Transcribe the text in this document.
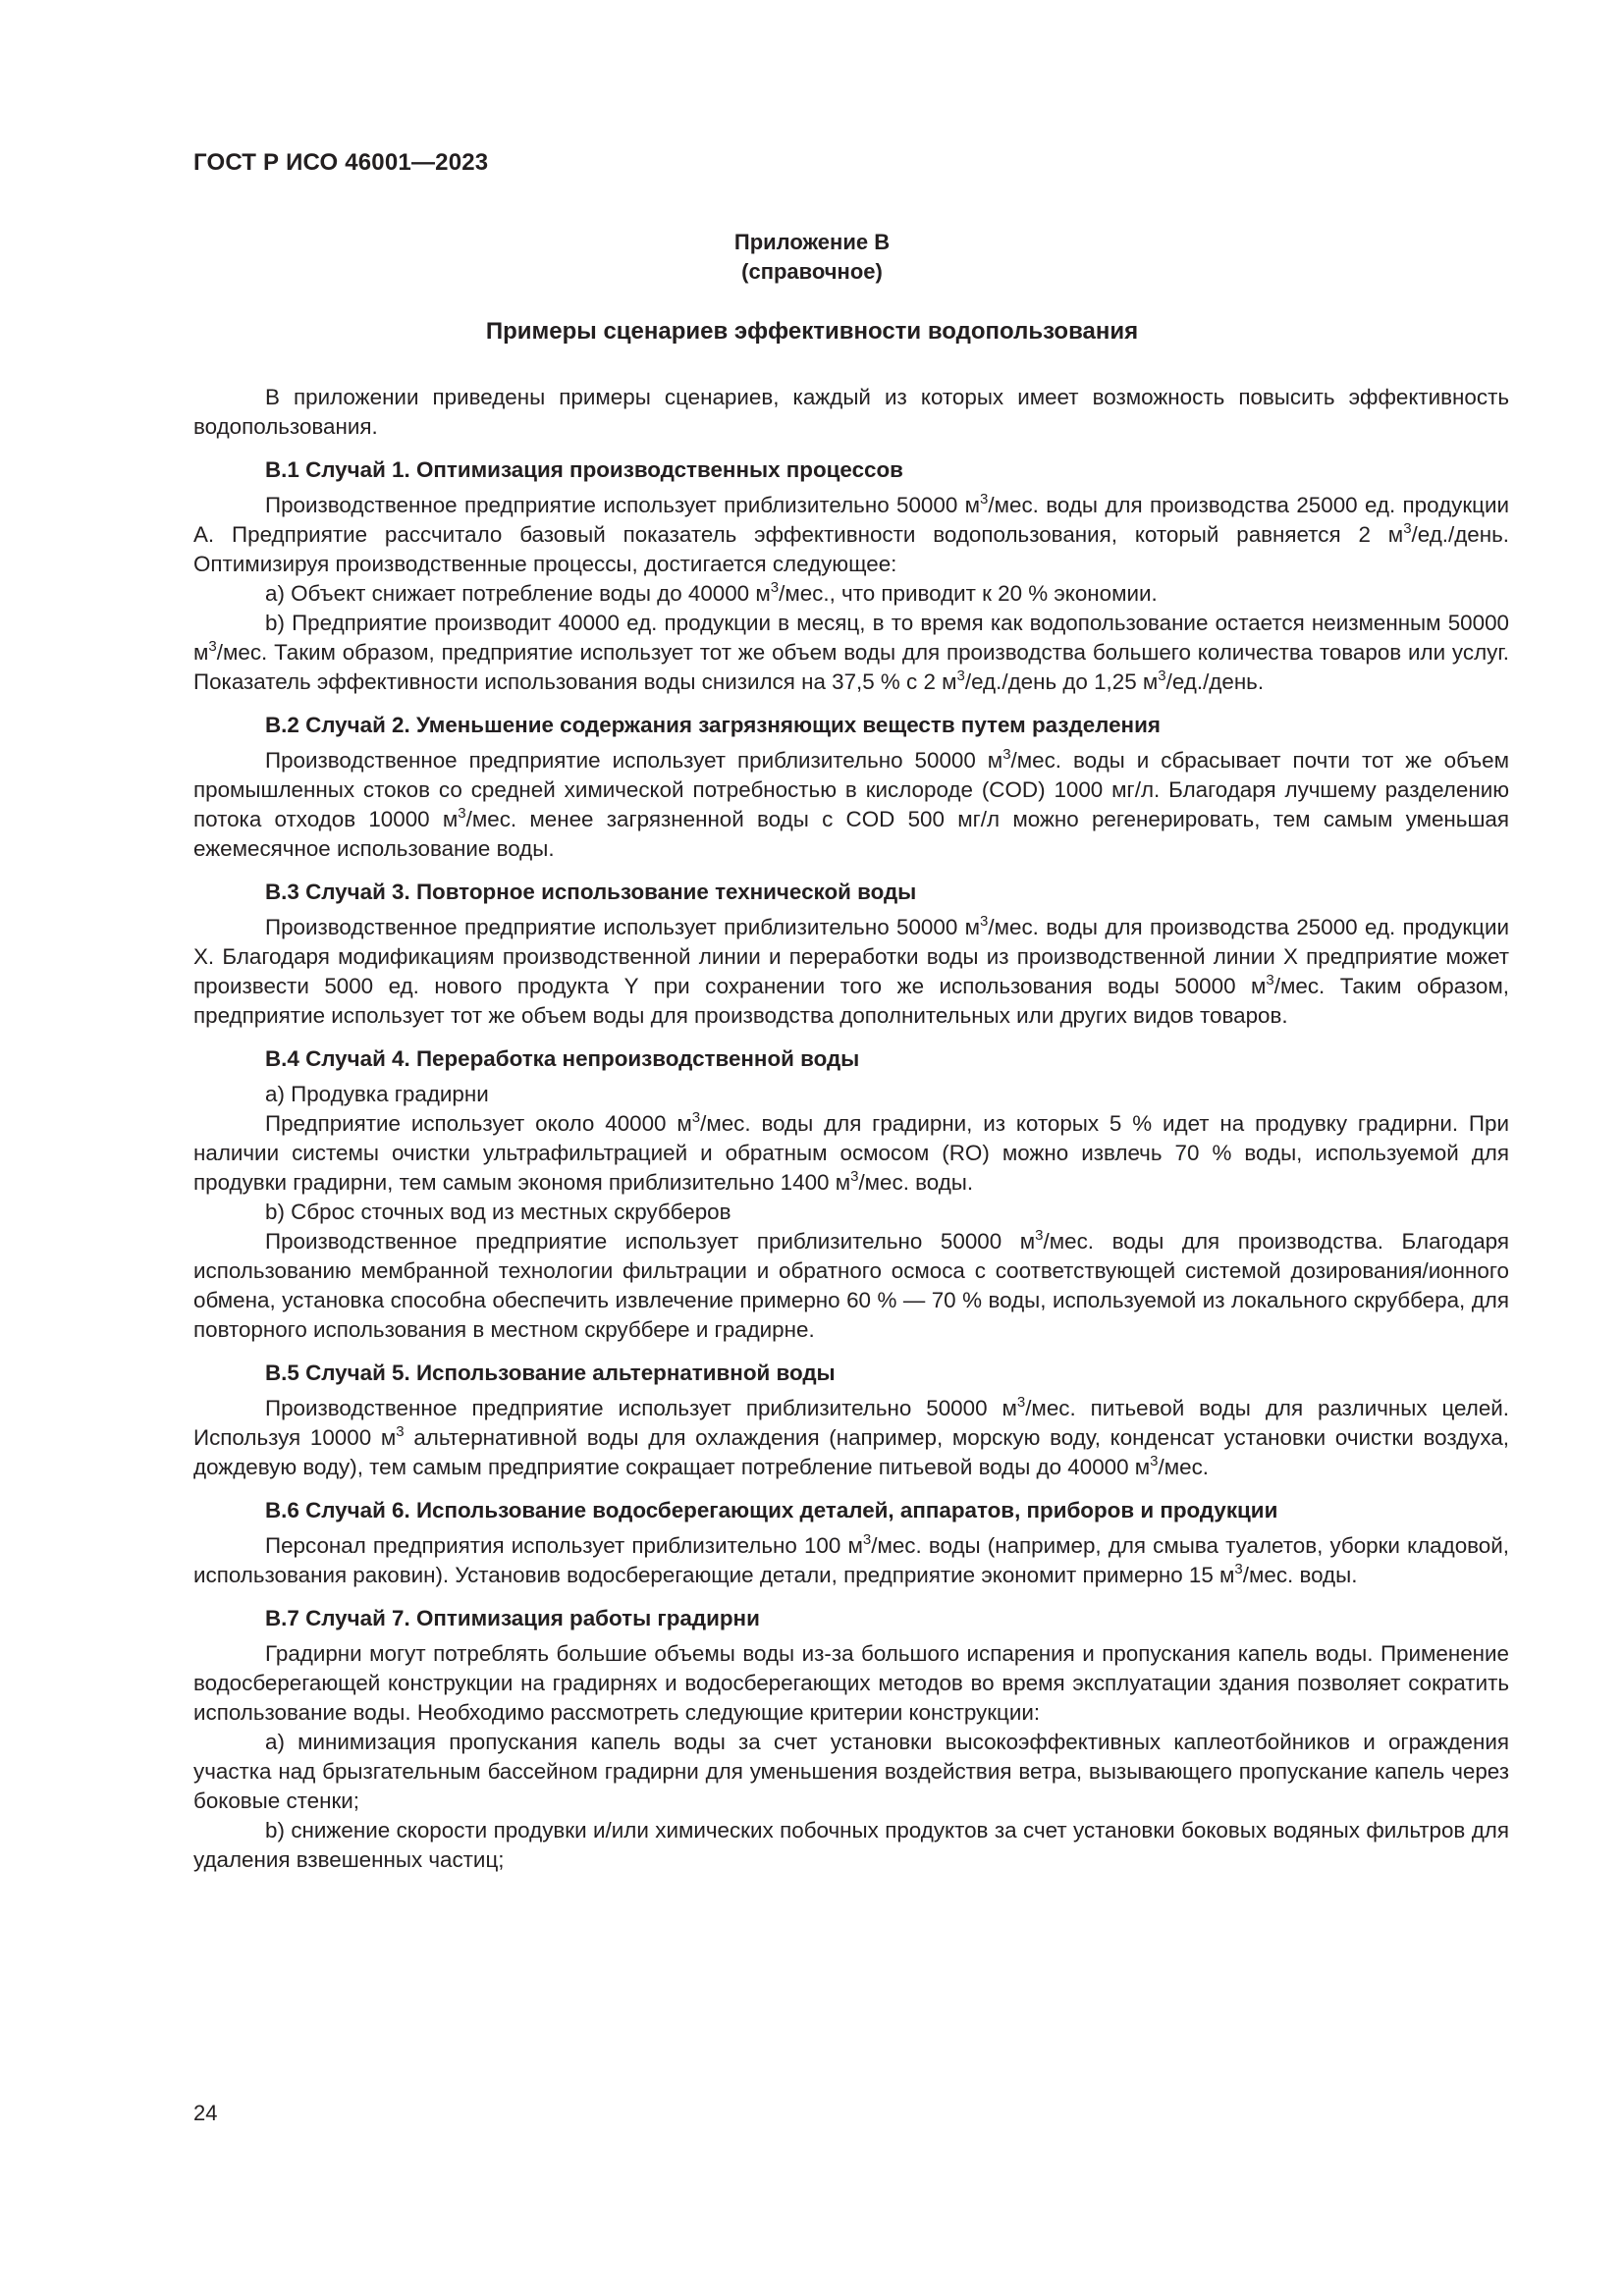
ГОСТ Р ИСО 46001—2023
Приложение В
(справочное)
Примеры сценариев эффективности водопользования

В приложении приведены примеры сценариев, каждый из которых имеет возможность повысить эффективность водопользования.

В.1 Случай 1. Оптимизация производственных процессов

Производственное предприятие использует приблизительно 50000 $м^3$/мес. воды для производства 25000 ед. продукции А. Предприятие рассчитало базовый показатель эффективности водопользования, который равняется 2 $м^3/ед$./день. Оптимизируя производственные процессы, достигается следующее:

а) Объект снижает потребление воды до 40000 $м^3$/мес., что приводит к 20 % экономии.

b) Предприятие производит 40000 ед. продукции в месяц, в то время как водопользование остается неизменным 50000 $м^3$/мес. Таким образом, предприятие использует тот же объем воды для производства большего количества товаров или услуг. Показатель эффективности использования воды снизился на 37,5 % с 2 $м^3/ед$./день до 1,25 $м^3/ед$./день.

В.2 Случай 2. Уменьшение содержания загрязняющих веществ путем разделения

Производственное предприятие использует приблизительно 50000 $м^3$/мес. воды и сбрасывает почти тот же объем промышленных стоков со средней химической потребностью в кислороде (COD) 1000 мг/л. Благодаря лучшему разделению потока отходов 10000 $м^3$/мес. менее загрязненной воды с COD 500 мг/л можно регенерировать, тем самым уменьшая ежемесячное использование воды.

В.3 Случай 3. Повторное использование технической воды

Производственное предприятие использует приблизительно 50000 $м^3$/мес. воды для производства 25000 ед. продукции X. Благодаря модификациям производственной линии и переработки воды из производственной линии X предприятие может произвести 5000 ед. нового продукта Y при сохранении того же использования воды 50000 $м^3$/мес. Таким образом, предприятие использует тот же объем воды для производства дополнительных или других видов товаров.

В.4 Случай 4. Переработка непроизводственной воды

а) Продувка градирни

Предприятие использует около 40000 $м^3$/мес. воды для градирни, из которых 5 % идет на продувку градирни. При наличии системы очистки ультрафильтрацией и обратным осмосом (RO) можно извлечь 70 % воды, используемой для продувки градирни, тем самым экономя приблизительно 1400 $м^3$/мес. воды.

b) Сброс сточных вод из местных скрубберов

Производственное предприятие использует приблизительно 50000 $м^3$/мес. воды для производства. Благодаря использованию мембранной технологии фильтрации и обратного осмоса с соответствующей системой дозирования/ионного обмена, установка способна обеспечить извлечение примерно 60 % — 70 % воды, используемой из локального скруббера, для повторного использования в местном скруббере и градирне.

В.5 Случай 5. Использование альтернативной воды

Производственное предприятие использует приблизительно 50000 $м^3$/мес. питьевой воды для различных целей. Используя 10000 $м^3$ альтернативной воды для охлаждения (например, морскую воду, конденсат установки очистки воздуха, дождевую воду), тем самым предприятие сокращает потребление питьевой воды до 40000 $м^3$/мес.

В.6 Случай 6. Использование водосберегающих деталей, аппаратов, приборов и продукции

Персонал предприятия использует приблизительно 100 $м^3$/мес. воды (например, для смыва туалетов, уборки кладовой, использования раковин). Установив водосберегающие детали, предприятие экономит примерно 15 $м^3$/мес. воды.

В.7 Случай 7. Оптимизация работы градирни

Градирни могут потреблять большие объемы воды из-за большого испарения и пропускания капель воды. Применение водосберегающей конструкции на градирнях и водосберегающих методов во время эксплуатации здания позволяет сократить использование воды. Необходимо рассмотреть следующие критерии конструкции:

а) минимизация пропускания капель воды за счет установки высокоэффективных каплеотбойников и ограждения участка над брызгательным бассейном градирни для уменьшения воздействия ветра, вызывающего пропускание капель через боковые стенки;

b) снижение скорости продувки и/или химических побочных продуктов за счет установки боковых водяных фильтров для удаления взвешенных частиц;

24
